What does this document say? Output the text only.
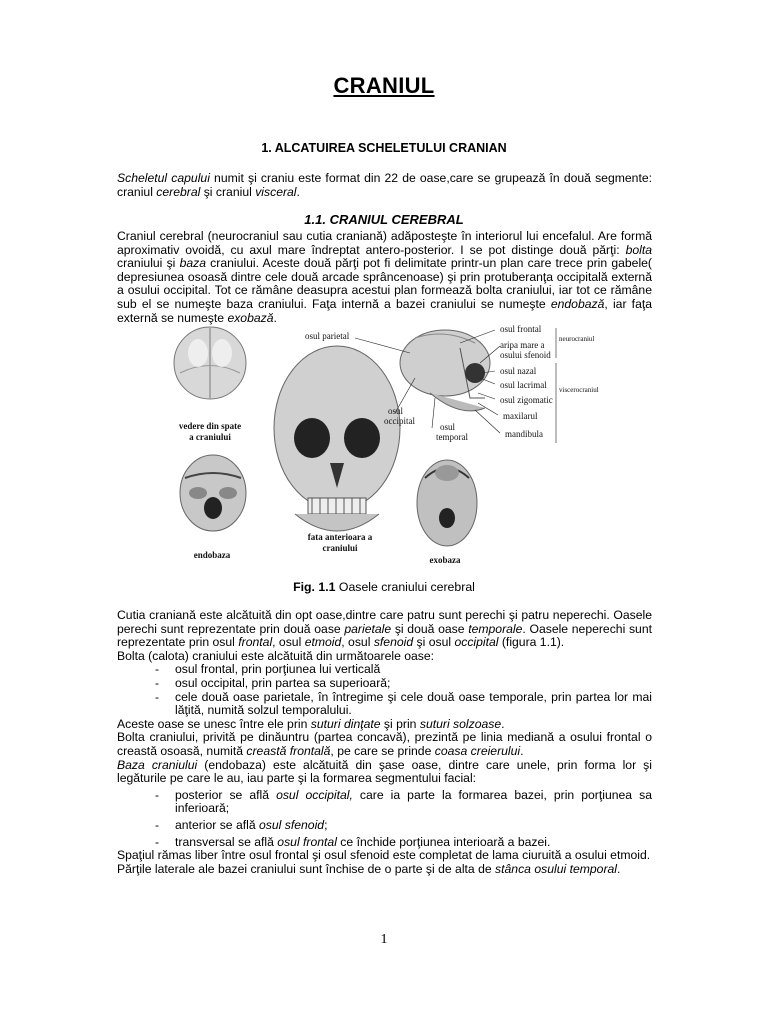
CRANIUL
1. ALCATUIREA SCHELETULUI CRANIAN

Scheletul capului numit şi craniu este format din 22 de oase,care se grupează în două segmente: craniul cerebral şi craniul visceral.

1.1. CRANIUL CEREBRAL

Craniul cerebral (neurocraniul sau cutia craniană) adăposteşte în interiorul lui encefalul. Are formă aproximativ ovoidă, cu axul mare îndreptat antero-posterior. I se pot distinge două părţi: bolta craniului şi baza craniului. Aceste două părţi pot fi delimitate printr-un plan care trece prin gabele( depresiunea osoasă dintre cele două arcade sprâncenoase) şi prin protuberanţa occipitală externă a osului occipital. Tot ce rămâne deasupra acestui plan formează bolta craniului, iar tot ce rămâne sub el se numeşte baza craniului. Faţa internă a bazei craniului se numeşte endobază, iar faţa externă se numeşte exobază.

vedere din spate
a craniului
endobaza
fata anterioara a
craniului
exobaza
osul parietal
osul frontal
aripa mare a
osului sfenoid
neurocraniul
osul nazal
osul lacrimal
osul zigomatic
viscerocraniul
maxilarul
mandibula
osul
occipital
osul
temporal
Fig. 1.1 Oasele craniului cerebral

Cutia craniană este alcătuită din opt oase,dintre care patru sunt perechi şi patru neperechi. Oasele perechi sunt reprezentate prin două oase parietale şi două oase temporale. Oasele neperechi sunt reprezentate prin osul frontal, osul etmoid, osul sfenoid şi osul occipital (figura 1.1).

Bolta (calota) craniului este alcătuită din următoarele oase:

- osul frontal, prin porţiunea lui verticală
- osul occipital, prin partea sa superioară;
- cele două oase parietale, în întregime şi cele două oase temporale, prin partea lor mai lăţită, numită solzul temporalului.

Aceste oase se unesc între ele prin suturi dinţate şi prin suturi solzoase.

Bolta craniului, privită pe dinăuntru (partea concavă), prezintă pe linia mediană a osului frontal o creastă osoasă, numită creastă frontală, pe care se prinde coasa creierului.

Baza craniului (endobaza) este alcătuită din şase oase, dintre care unele, prin forma lor şi legăturile pe care le au, iau parte şi la formarea segmentului facial:

- posterior se află osul occipital, care ia parte la formarea bazei, prin porţiunea sa inferioară;
- anterior se află osul sfenoid;
- transversal se află osul frontal ce închide porţiunea interioară a bazei.

Spaţiul rămas liber între osul frontal şi osul sfenoid este completat de lama ciuruită a osului etmoid.

Părţile laterale ale bazei craniului sunt închise de o parte şi de alta de stânca osului temporal.

1
